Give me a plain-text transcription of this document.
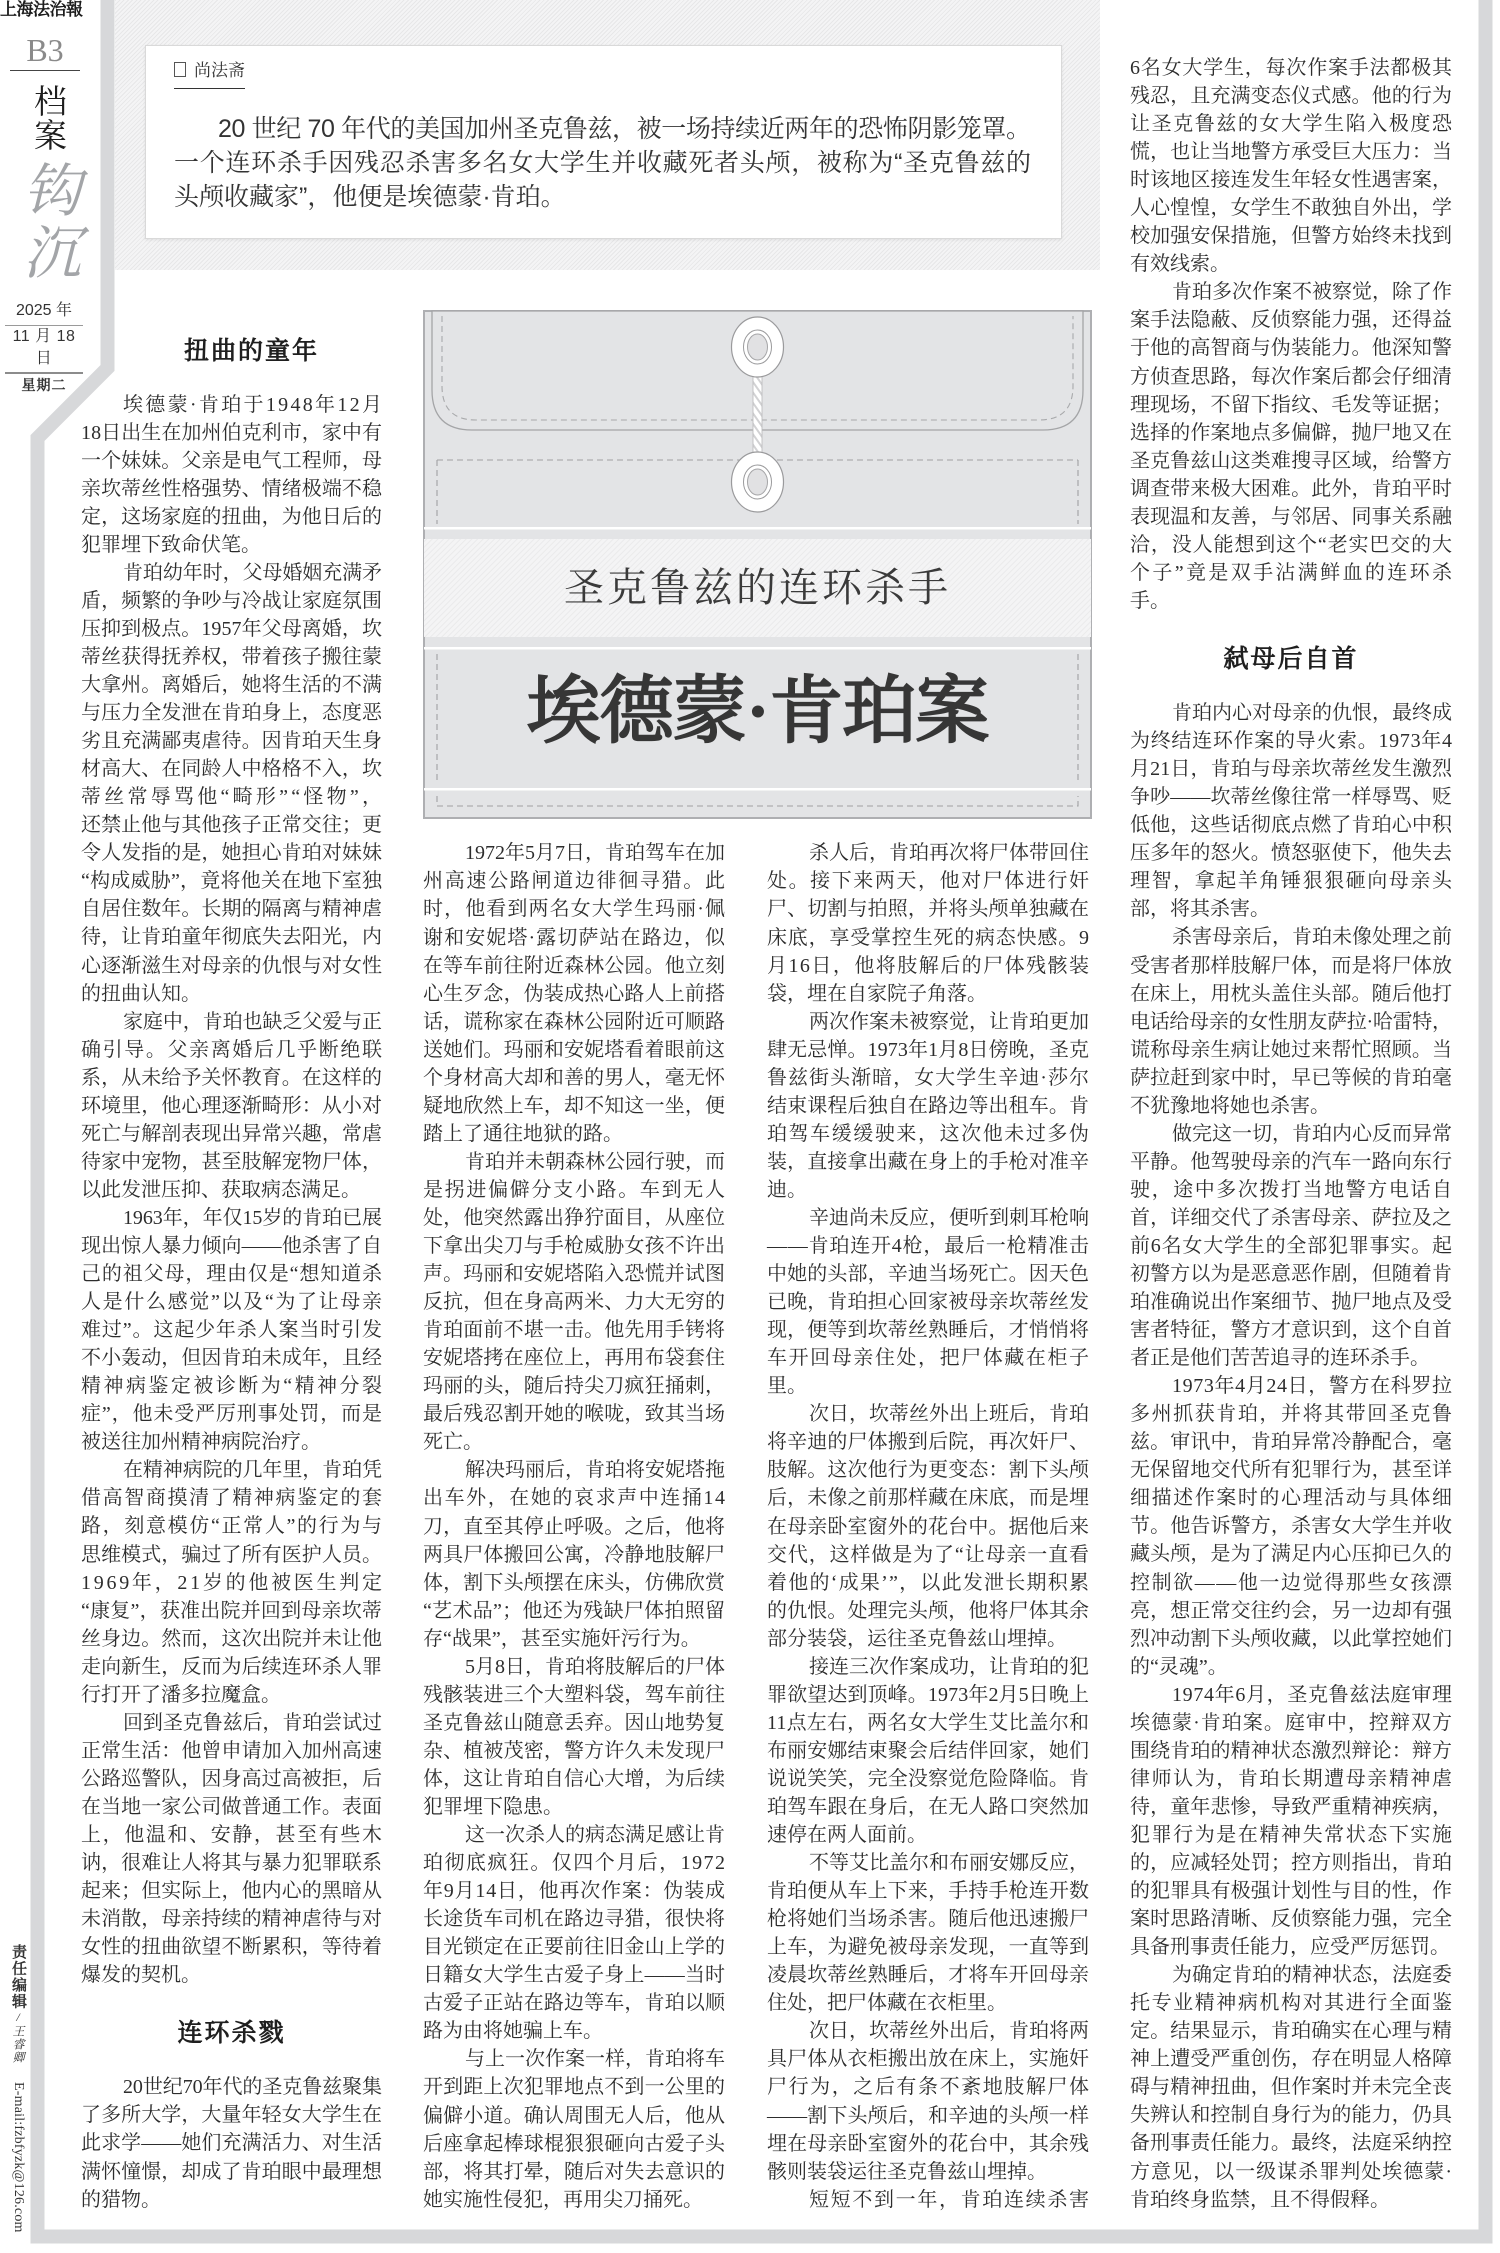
上海法治報
B3
档案
钩沉
2025 年
11 月 18 日
星期二
责任编辑/王睿卿E-mail:fzbfyzk@126.com
尚法斋
20 世纪 70 年代的美国加州圣克鲁兹，被一场持续近两年的恐怖阴影笼罩。
一个连环杀手因残忍杀害多名女大学生并收藏死者头颅，被称为“圣克鲁兹的
头颅收藏家”，他便是埃德蒙·肯珀。
圣克鲁兹的连环杀手
埃德蒙·肯珀案
扭曲的童年
埃德蒙·肯珀于1948年12月
18日出生在加州伯克利市，家中有
一个妹妹。父亲是电气工程师，母
亲坎蒂丝性格强势、情绪极端不稳
定，这场家庭的扭曲，为他日后的
犯罪埋下致命伏笔。
肯珀幼年时，父母婚姻充满矛
盾，频繁的争吵与冷战让家庭氛围
压抑到极点。1957年父母离婚，坎
蒂丝获得抚养权，带着孩子搬往蒙
大拿州。离婚后，她将生活的不满
与压力全发泄在肯珀身上，态度恶
劣且充满鄙夷虐待。因肯珀天生身
材高大、在同龄人中格格不入，坎
蒂丝常辱骂他“畸形”“怪物”，
还禁止他与其他孩子正常交往；更
令人发指的是，她担心肯珀对妹妹
“构成威胁”，竟将他关在地下室独
自居住数年。长期的隔离与精神虐
待，让肯珀童年彻底失去阳光，内
心逐渐滋生对母亲的仇恨与对女性
的扭曲认知。
家庭中，肯珀也缺乏父爱与正
确引导。父亲离婚后几乎断绝联
系，从未给予关怀教育。在这样的
环境里，他心理逐渐畸形：从小对
死亡与解剖表现出异常兴趣，常虐
待家中宠物，甚至肢解宠物尸体，
以此发泄压抑、获取病态满足。
1963年，年仅15岁的肯珀已展
现出惊人暴力倾向——他杀害了自
己的祖父母，理由仅是“想知道杀
人是什么感觉”以及“为了让母亲
难过”。这起少年杀人案当时引发
不小轰动，但因肯珀未成年，且经
精神病鉴定被诊断为“精神分裂
症”，他未受严厉刑事处罚，而是
被送往加州精神病院治疗。
在精神病院的几年里，肯珀凭
借高智商摸清了精神病鉴定的套
路，刻意模仿“正常人”的行为与
思维模式，骗过了所有医护人员。
1969年，21岁的他被医生判定
“康复”，获准出院并回到母亲坎蒂
丝身边。然而，这次出院并未让他
走向新生，反而为后续连环杀人罪
行打开了潘多拉魔盒。
回到圣克鲁兹后，肯珀尝试过
正常生活：他曾申请加入加州高速
公路巡警队，因身高过高被拒，后
在当地一家公司做普通工作。表面
上，他温和、安静，甚至有些木
讷，很难让人将其与暴力犯罪联系
起来；但实际上，他内心的黑暗从
未消散，母亲持续的精神虐待与对
女性的扭曲欲望不断累积，等待着
爆发的契机。
连环杀戮
20世纪70年代的圣克鲁兹聚集
了多所大学，大量年轻女大学生在
此求学——她们充满活力、对生活
满怀憧憬，却成了肯珀眼中最理想
的猎物。
1972年5月7日，肯珀驾车在加
州高速公路闸道边徘徊寻猎。此
时，他看到两名女大学生玛丽·佩
谢和安妮塔·露切萨站在路边，似
在等车前往附近森林公园。他立刻
心生歹念，伪装成热心路人上前搭
话，谎称家在森林公园附近可顺路
送她们。玛丽和安妮塔看着眼前这
个身材高大却和善的男人，毫无怀
疑地欣然上车，却不知这一坐，便
踏上了通往地狱的路。
肯珀并未朝森林公园行驶，而
是拐进偏僻分支小路。车到无人
处，他突然露出狰狞面目，从座位
下拿出尖刀与手枪威胁女孩不许出
声。玛丽和安妮塔陷入恐慌并试图
反抗，但在身高两米、力大无穷的
肯珀面前不堪一击。他先用手铐将
安妮塔拷在座位上，再用布袋套住
玛丽的头，随后持尖刀疯狂捅刺，
最后残忍割开她的喉咙，致其当场
死亡。
解决玛丽后，肯珀将安妮塔拖
出车外，在她的哀求声中连捅14
刀，直至其停止呼吸。之后，他将
两具尸体搬回公寓，冷静地肢解尸
体，割下头颅摆在床头，仿佛欣赏
“艺术品”；他还为残缺尸体拍照留
存“战果”，甚至实施奸污行为。
5月8日，肯珀将肢解后的尸体
残骸装进三个大塑料袋，驾车前往
圣克鲁兹山随意丢弃。因山地势复
杂、植被茂密，警方许久未发现尸
体，这让肯珀自信心大增，为后续
犯罪埋下隐患。
这一次杀人的病态满足感让肯
珀彻底疯狂。仅四个月后，1972
年9月14日，他再次作案：伪装成
长途货车司机在路边寻猎，很快将
目光锁定在正要前往旧金山上学的
日籍女大学生古爱子身上——当时
古爱子正站在路边等车，肯珀以顺
路为由将她骗上车。
与上一次作案一样，肯珀将车
开到距上次犯罪地点不到一公里的
偏僻小道。确认周围无人后，他从
后座拿起棒球棍狠狠砸向古爱子头
部，将其打晕，随后对失去意识的
她实施性侵犯，再用尖刀捅死。
杀人后，肯珀再次将尸体带回住
处。接下来两天，他对尸体进行奸
尸、切割与拍照，并将头颅单独藏在
床底，享受掌控生死的病态快感。9
月16日，他将肢解后的尸体残骸装
袋，埋在自家院子角落。
两次作案未被察觉，让肯珀更加
肆无忌惮。1973年1月8日傍晚，圣克
鲁兹街头渐暗，女大学生辛迪·莎尔
结束课程后独自在路边等出租车。肯
珀驾车缓缓驶来，这次他未过多伪
装，直接拿出藏在身上的手枪对准辛
迪。
辛迪尚未反应，便听到刺耳枪响
——肯珀连开4枪，最后一枪精准击
中她的头部，辛迪当场死亡。因天色
已晚，肯珀担心回家被母亲坎蒂丝发
现，便等到坎蒂丝熟睡后，才悄悄将
车开回母亲住处，把尸体藏在柜子
里。
次日，坎蒂丝外出上班后，肯珀
将辛迪的尸体搬到后院，再次奸尸、
肢解。这次他行为更变态：割下头颅
后，未像之前那样藏在床底，而是埋
在母亲卧室窗外的花台中。据他后来
交代，这样做是为了“让母亲一直看
着他的‘成果’”，以此发泄长期积累
的仇恨。处理完头颅，他将尸体其余
部分装袋，运往圣克鲁兹山埋掉。
接连三次作案成功，让肯珀的犯
罪欲望达到顶峰。1973年2月5日晚上
11点左右，两名女大学生艾比盖尔和
布丽安娜结束聚会后结伴回家，她们
说说笑笑，完全没察觉危险降临。肯
珀驾车跟在身后，在无人路口突然加
速停在两人面前。
不等艾比盖尔和布丽安娜反应，
肯珀便从车上下来，手持手枪连开数
枪将她们当场杀害。随后他迅速搬尸
上车，为避免被母亲发现，一直等到
凌晨坎蒂丝熟睡后，才将车开回母亲
住处，把尸体藏在衣柜里。
次日，坎蒂丝外出后，肯珀将两
具尸体从衣柜搬出放在床上，实施奸
尸行为，之后有条不紊地肢解尸体
——割下头颅后，和辛迪的头颅一样
埋在母亲卧室窗外的花台中，其余残
骸则装袋运往圣克鲁兹山埋掉。
短短不到一年，肯珀连续杀害
6名女大学生，每次作案手法都极其
残忍，且充满变态仪式感。他的行为
让圣克鲁兹的女大学生陷入极度恐
慌，也让当地警方承受巨大压力：当
时该地区接连发生年轻女性遇害案，
人心惶惶，女学生不敢独自外出，学
校加强安保措施，但警方始终未找到
有效线索。
肯珀多次作案不被察觉，除了作
案手法隐蔽、反侦察能力强，还得益
于他的高智商与伪装能力。他深知警
方侦查思路，每次作案后都会仔细清
理现场，不留下指纹、毛发等证据；
选择的作案地点多偏僻，抛尸地又在
圣克鲁兹山这类难搜寻区域，给警方
调查带来极大困难。此外，肯珀平时
表现温和友善，与邻居、同事关系融
洽，没人能想到这个“老实巴交的大
个子”竟是双手沾满鲜血的连环杀
手。
弑母后自首
肯珀内心对母亲的仇恨，最终成
为终结连环作案的导火索。1973年4
月21日，肯珀与母亲坎蒂丝发生激烈
争吵——坎蒂丝像往常一样辱骂、贬
低他，这些话彻底点燃了肯珀心中积
压多年的怒火。愤怒驱使下，他失去
理智，拿起羊角锤狠狠砸向母亲头
部，将其杀害。
杀害母亲后，肯珀未像处理之前
受害者那样肢解尸体，而是将尸体放
在床上，用枕头盖住头部。随后他打
电话给母亲的女性朋友萨拉·哈雷特，
谎称母亲生病让她过来帮忙照顾。当
萨拉赶到家中时，早已等候的肯珀毫
不犹豫地将她也杀害。
做完这一切，肯珀内心反而异常
平静。他驾驶母亲的汽车一路向东行
驶，途中多次拨打当地警方电话自
首，详细交代了杀害母亲、萨拉及之
前6名女大学生的全部犯罪事实。起
初警方以为是恶意恶作剧，但随着肯
珀准确说出作案细节、抛尸地点及受
害者特征，警方才意识到，这个自首
者正是他们苦苦追寻的连环杀手。
1973年4月24日，警方在科罗拉
多州抓获肯珀，并将其带回圣克鲁
兹。审讯中，肯珀异常冷静配合，毫
无保留地交代所有犯罪行为，甚至详
细描述作案时的心理活动与具体细
节。他告诉警方，杀害女大学生并收
藏头颅，是为了满足内心压抑已久的
控制欲——他一边觉得那些女孩漂
亮，想正常交往约会，另一边却有强
烈冲动割下头颅收藏，以此掌控她们
的“灵魂”。
1974年6月，圣克鲁兹法庭审理
埃德蒙·肯珀案。庭审中，控辩双方
围绕肯珀的精神状态激烈辩论：辩方
律师认为，肯珀长期遭母亲精神虐
待，童年悲惨，导致严重精神疾病，
犯罪行为是在精神失常状态下实施
的，应减轻处罚；控方则指出，肯珀
的犯罪具有极强计划性与目的性，作
案时思路清晰、反侦察能力强，完全
具备刑事责任能力，应受严厉惩罚。
为确定肯珀的精神状态，法庭委
托专业精神病机构对其进行全面鉴
定。结果显示，肯珀确实在心理与精
神上遭受严重创伤，存在明显人格障
碍与精神扭曲，但作案时并未完全丧
失辨认和控制自身行为的能力，仍具
备刑事责任能力。最终，法庭采纳控
方意见，以一级谋杀罪判处埃德蒙·
肯珀终身监禁，且不得假释。
